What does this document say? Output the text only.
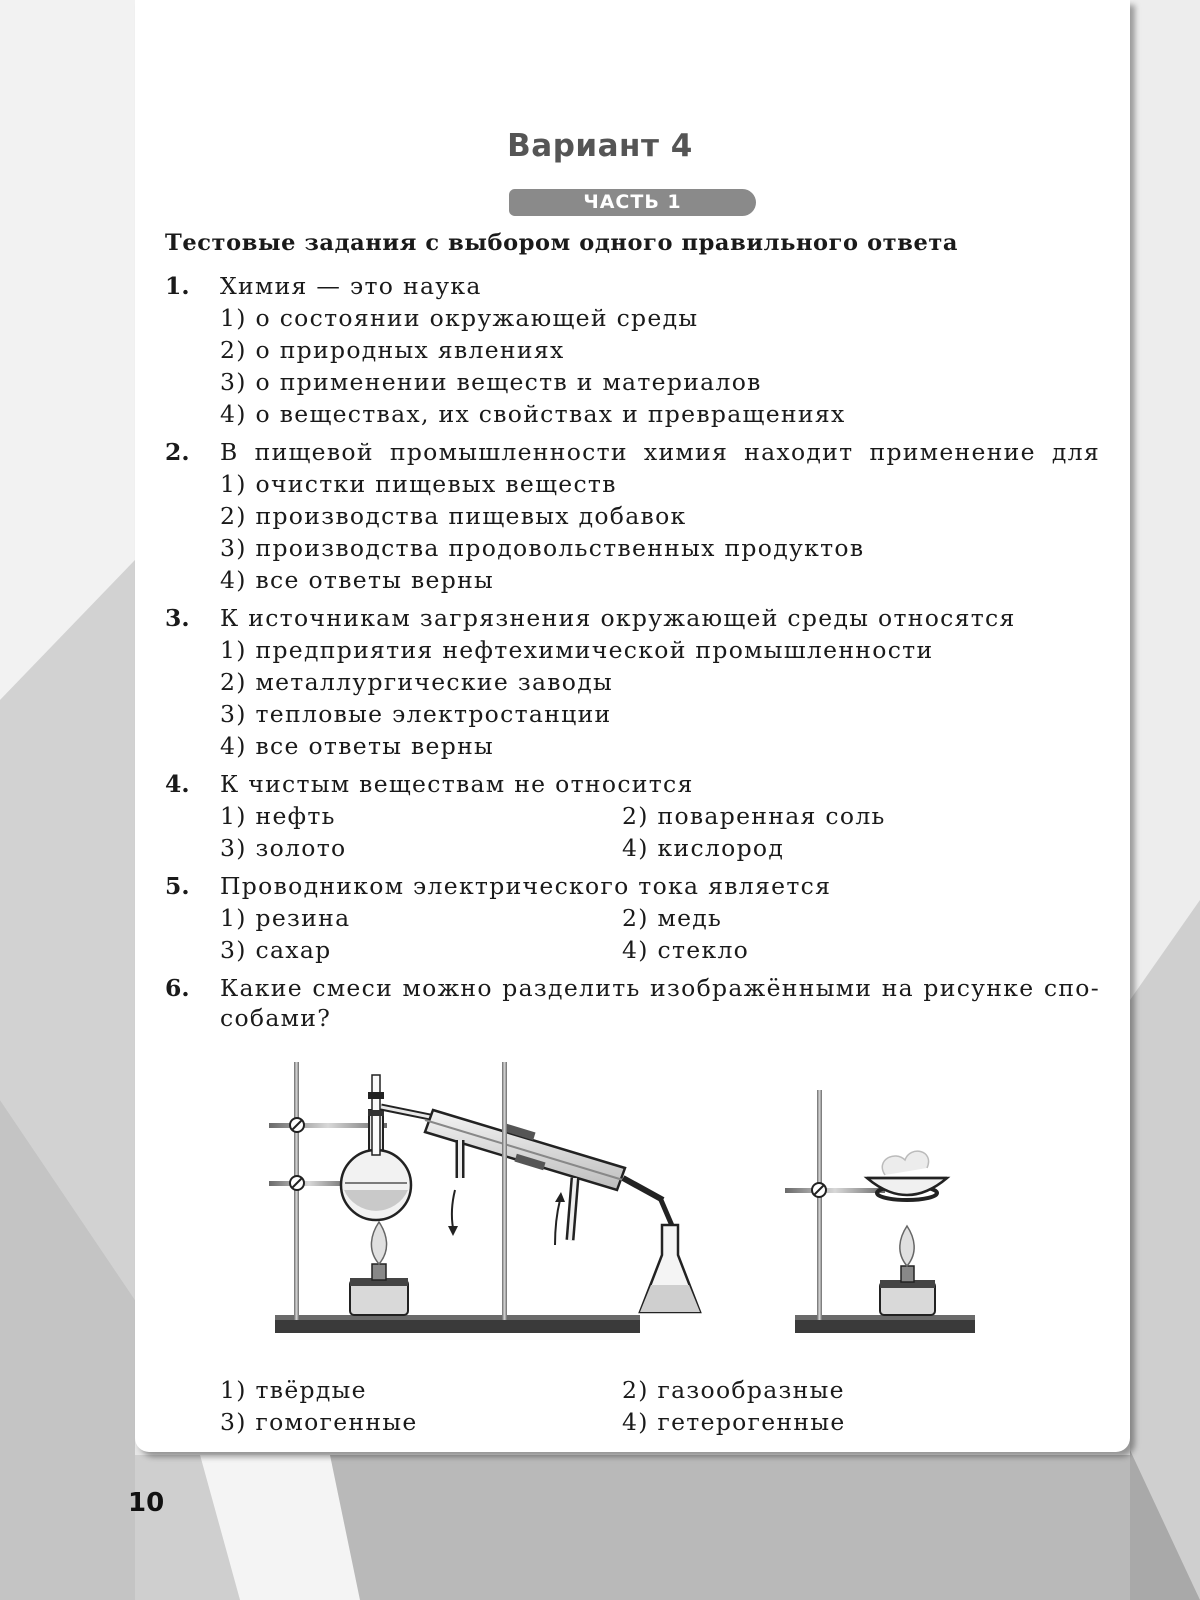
Вариант 4
ЧАСТЬ 1
Тестовые задания с выбором одного правильного ответа
1. Химия — это наука
1) о состоянии окружающей среды
2) о природных явлениях
3) о применении веществ и материалов
4) о веществах, их свойствах и превращениях
2. В пищевой промышленности химия находит применение для
1) очистки пищевых веществ
2) производства пищевых добавок
3) производства продовольственных продуктов
4) все ответы верны
3. К источникам загрязнения окружающей среды относятся
1) предприятия нефтехимической промышленности
2) металлургические заводы
3) тепловые электростанции
4) все ответы верны
4. К чистым веществам не относится
1) нефть	2) поваренная соль
3) золото	4) кислород
5. Проводником электрического тока является
1) резина	2) медь
3) сахар	4) стекло
6. Какие смеси можно разделить изображёнными на рисунке спо-
собами?
1) твёрдые	2) газообразные
3) гомогенные	4) гетерогенные
10
